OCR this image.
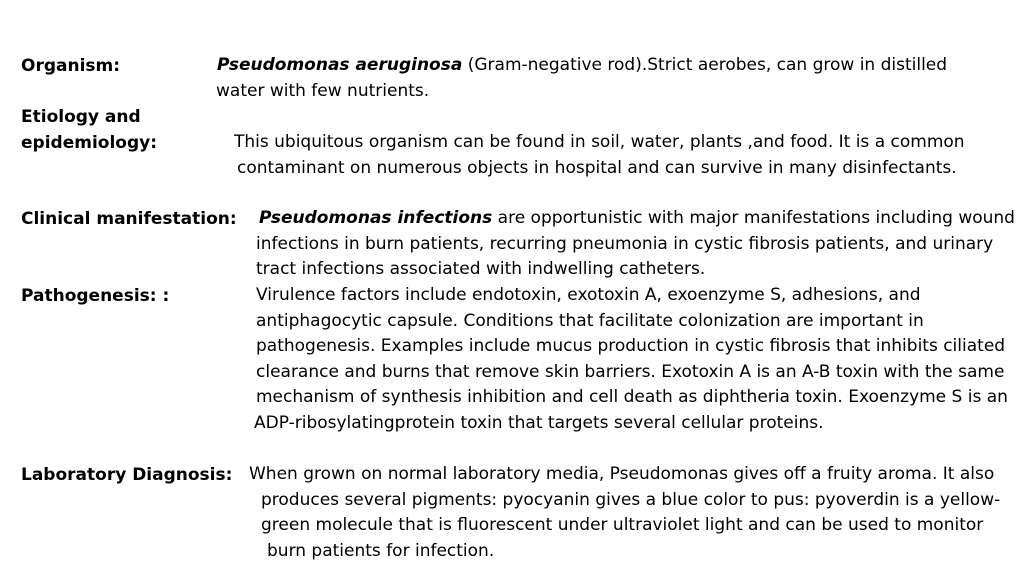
Organism:	Pseudomonas aeruginosa (Gram-negative rod).Strict aerobes, can grow in distilled
water with few nutrients.
Etiology and
epidemiology:	This ubiquitous organism can be found in soil, water, plants ,and food. It is a common
contaminant on numerous objects in hospital and can survive in many disinfectants.
Clinical manifestation: Pseudomonas infections are opportunistic with major manifestations including wound
infections in burn patients, recurring pneumonia in cystic fibrosis patients, and urinary
tract infections associated with indwelling catheters.
Pathogenesis: :	Virulence factors include endotoxin, exotoxin A, exoenzyme S, adhesions, and
antiphagocytic capsule. Conditions that facilitate colonization are important in
pathogenesis. Examples include mucus production in cystic fibrosis that inhibits ciliated
clearance and burns that remove skin barriers. Exotoxin A is an A-B toxin with the same
mechanism of synthesis inhibition and cell death as diphtheria toxin. Exoenzyme S is an
ADP-ribosylatingprotein toxin that targets several cellular proteins.
Laboratory Diagnosis: When grown on normal laboratory media, Pseudomonas gives off a fruity aroma. It also
produces several pigments: pyocyanin gives a blue color to pus: pyoverdin is a yellow-
green molecule that is fluorescent under ultraviolet light and can be used to monitor
burn patients for infection.
